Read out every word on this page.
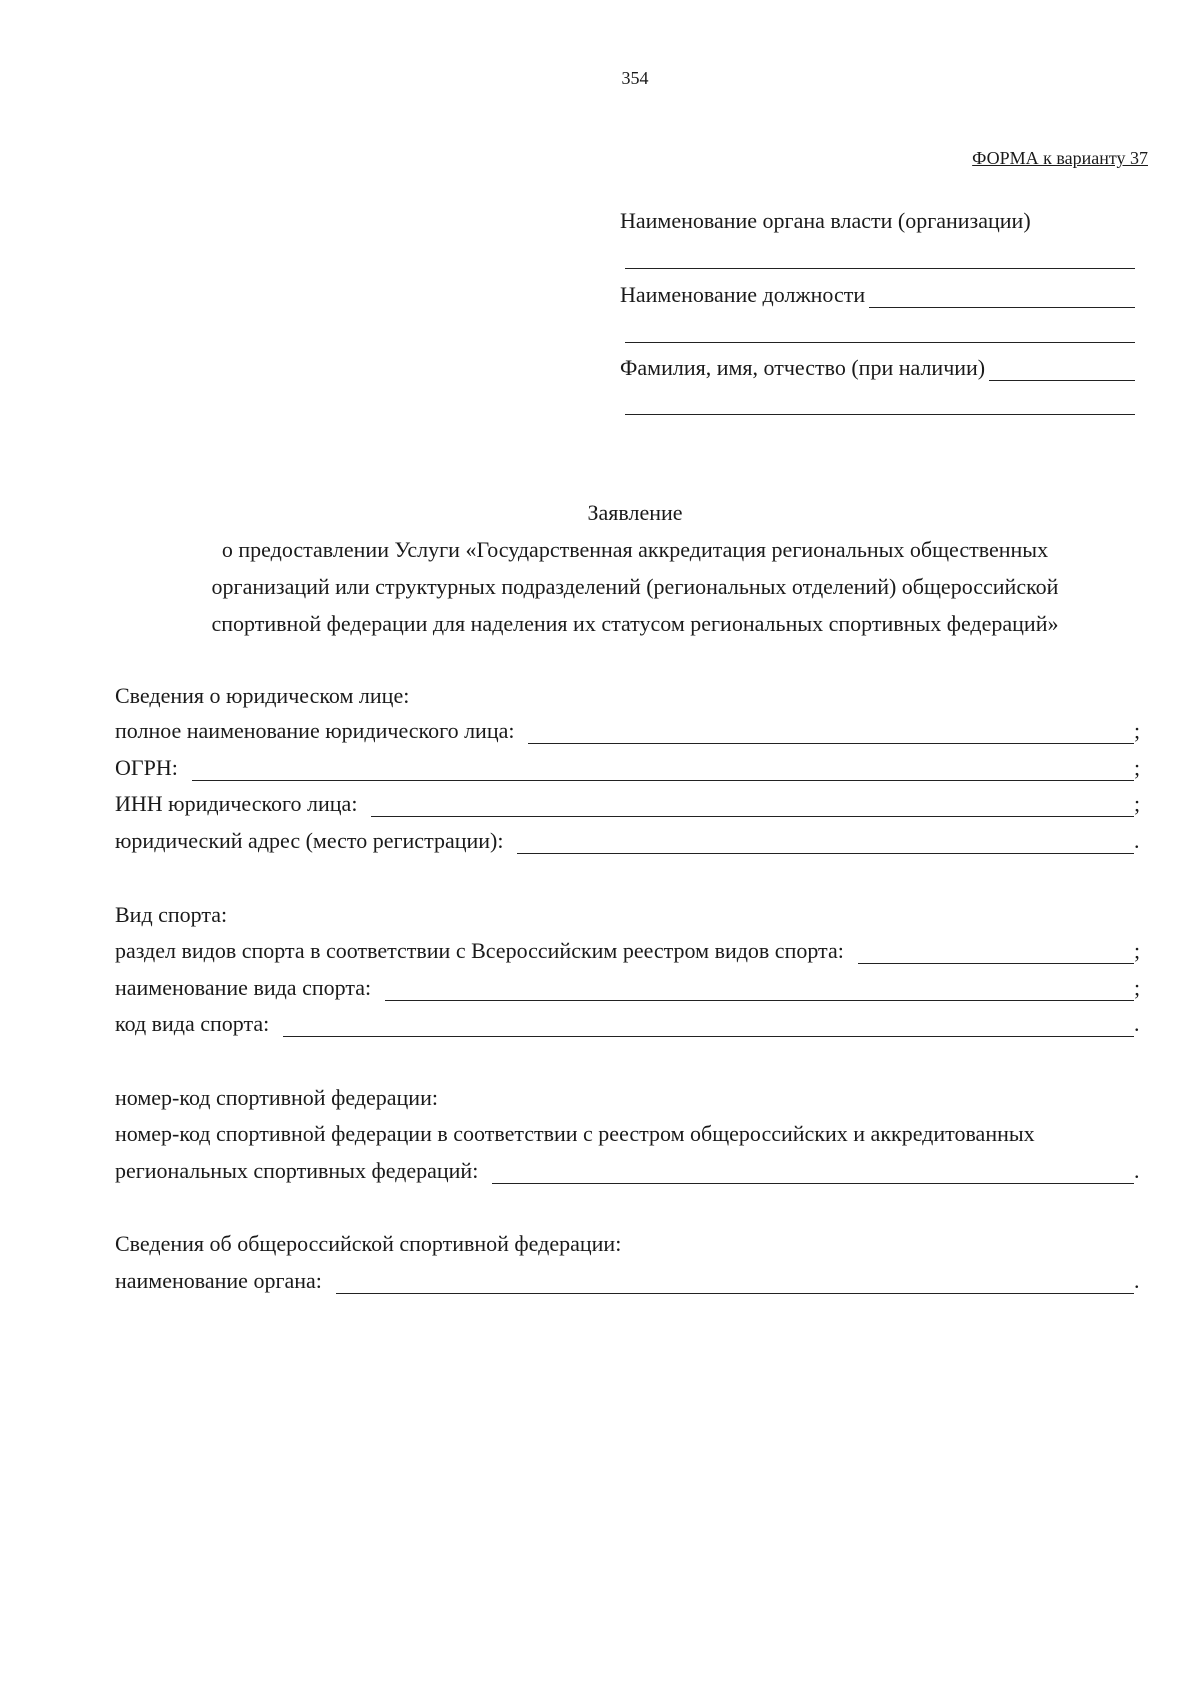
354
ФОРМА к варианту 37
Наименование органа власти (организации)
Наименование должности
Фамилия, имя, отчество (при наличии)
Заявление
о предоставлении Услуги «Государственная аккредитация региональных общественных
организаций или структурных подразделений (региональных отделений) общероссийской
спортивной федерации для наделения их статусом региональных спортивных федераций»
Сведения о юридическом лице:
полное наименование юридического лица:	;
ОГРН:	;
ИНН юридического лица:	;
юридический адрес (место регистрации):	.
Вид спорта:
раздел видов спорта в соответствии с Всероссийским реестром видов спорта:	;
наименование вида спорта:	;
код вида спорта:	.
номер-код спортивной федерации:
номер-код спортивной федерации в соответствии с реестром общероссийских и аккредитованных
региональных спортивных федераций:	.
Сведения об общероссийской спортивной федерации:
наименование органа:	.
